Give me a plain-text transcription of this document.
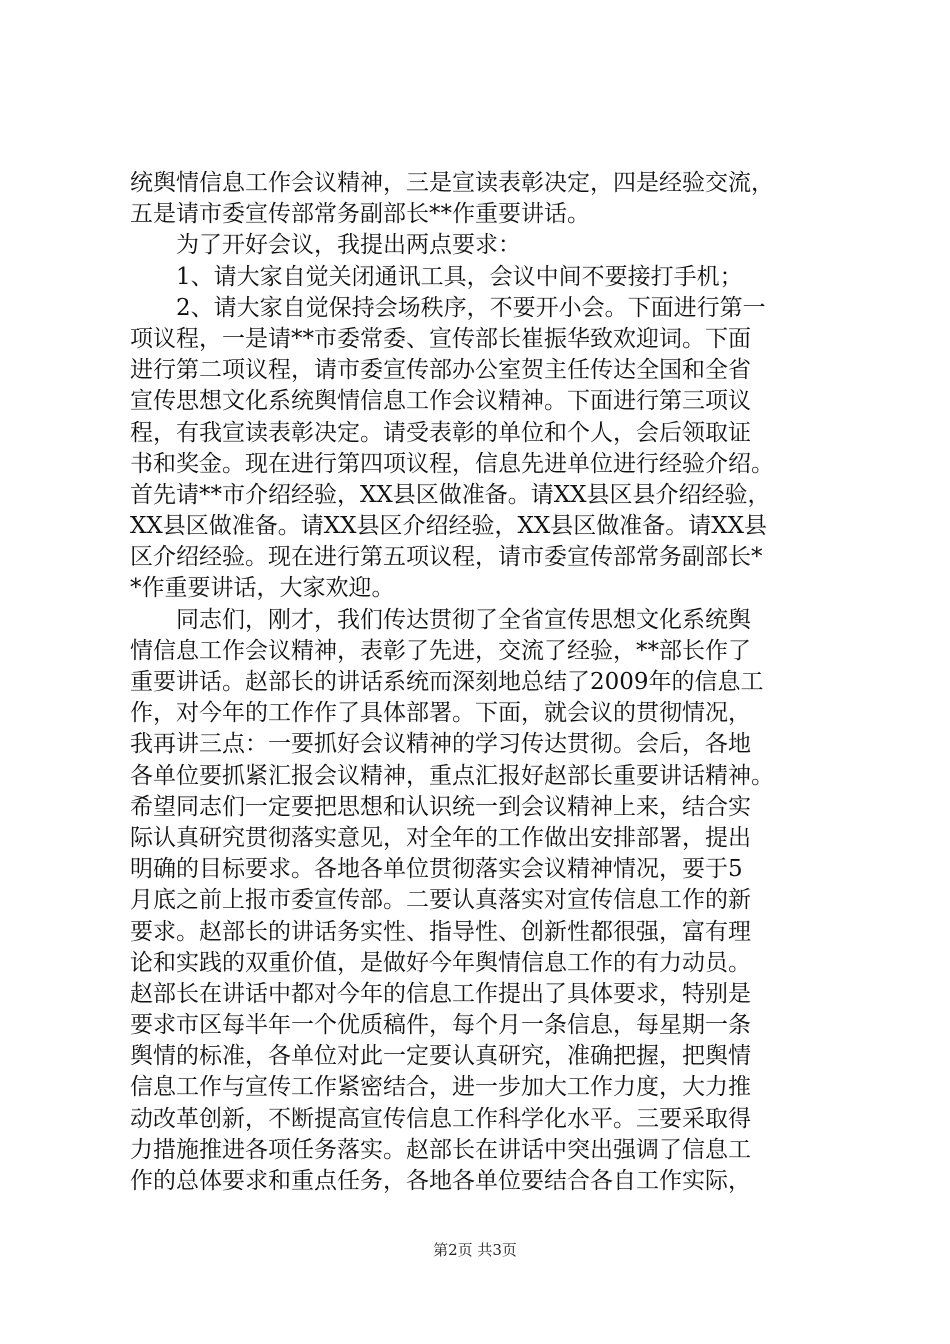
统舆情信息工作会议精神，三是宣读表彰决定，四是经验交流，
五是请市委宣传部常务副部长**作重要讲话。
　　为了开好会议，我提出两点要求：
　　1、请大家自觉关闭通讯工具，会议中间不要接打手机；
　　2、请大家自觉保持会场秩序，不要开小会。下面进行第一
项议程，一是请**市委常委、宣传部长崔振华致欢迎词。下面
进行第二项议程，请市委宣传部办公室贺主任传达全国和全省
宣传思想文化系统舆情信息工作会议精神。下面进行第三项议
程，有我宣读表彰决定。请受表彰的单位和个人，会后领取证
书和奖金。现在进行第四项议程，信息先进单位进行经验介绍。
首先请**市介绍经验，XX县区做准备。请XX县区县介绍经验，
XX县区做准备。请XX县区介绍经验，XX县区做准备。请XX县
区介绍经验。现在进行第五项议程，请市委宣传部常务副部长*
*作重要讲话，大家欢迎。
　　同志们，刚才，我们传达贯彻了全省宣传思想文化系统舆
情信息工作会议精神，表彰了先进，交流了经验，**部长作了
重要讲话。赵部长的讲话系统而深刻地总结了2009年的信息工
作，对今年的工作作了具体部署。下面，就会议的贯彻情况，
我再讲三点：一要抓好会议精神的学习传达贯彻。会后，各地
各单位要抓紧汇报会议精神，重点汇报好赵部长重要讲话精神。
希望同志们一定要把思想和认识统一到会议精神上来，结合实
际认真研究贯彻落实意见，对全年的工作做出安排部署，提出
明确的目标要求。各地各单位贯彻落实会议精神情况，要于5
月底之前上报市委宣传部。二要认真落实对宣传信息工作的新
要求。赵部长的讲话务实性、指导性、创新性都很强，富有理
论和实践的双重价值，是做好今年舆情信息工作的有力动员。
赵部长在讲话中都对今年的信息工作提出了具体要求，特别是
要求市区每半年一个优质稿件，每个月一条信息，每星期一条
舆情的标准，各单位对此一定要认真研究，准确把握，把舆情
信息工作与宣传工作紧密结合，进一步加大工作力度，大力推
动改革创新，不断提高宣传信息工作科学化水平。三要采取得
力措施推进各项任务落实。赵部长在讲话中突出强调了信息工
作的总体要求和重点任务，各地各单位要结合各自工作实际，
第2页 共3页
